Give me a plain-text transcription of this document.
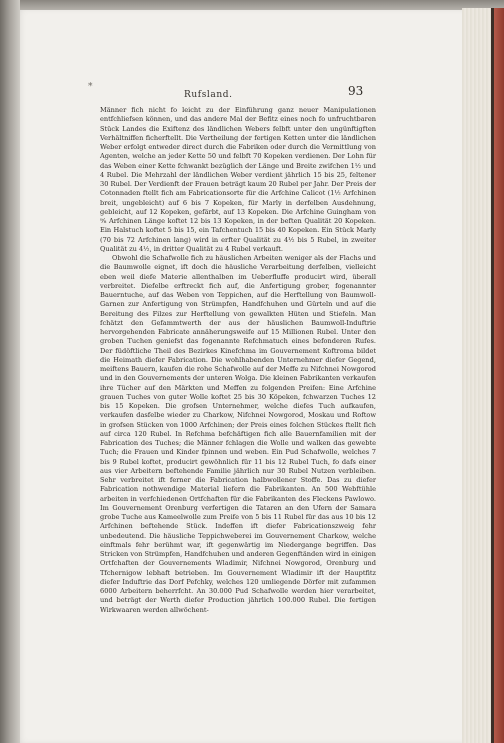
*
Rufsland.	93

Männer fich nicht fo leicht zu der Einführung ganz neuer Manipulationen entfchliefsen können, und das andere Mal der Befitz eines noch fo unfruchtbaren Stück Landes die Exiftenz des ländlichen Webers felbft unter den ungünftigften Verhältniffen ficherftellt. Die Vertheilung der fertigen Ketten unter die ländlichen Weber erfolgt entweder direct durch die Fabriken oder durch die Vermittlung von Agenten, welche an jeder Kette 50 und felbft 70 Kopeken verdienen. Der Lohn für das Weben einer Kette fchwankt bezüglich der Länge und Breite zwifchen 1½ und 4 Rubel. Die Mehrzahl der ländlichen Weber verdient jährlich 15 bis 25, feltener 30 Rubel. Der Verdienft der Frauen beträgt kaum 20 Rubel per Jahr. Der Preis der Cotonnaden ftellt fich am Fabricationsorte für die Arfchine Calicot (1½ Arfchinen breit, ungebleicht) auf 6 bis 7 Kopeken, für Marly in derfelben Ausdehnung, gebleicht, auf 12 Kopeken, gefärbt, auf 13 Kopeken. Die Arfchine Guingham von ⁹⁄₈ Arfchinen Länge koftet 12 bis 13 Kopeken, in der beften Qualität 20 Kopeken. Ein Halstuch koftet 5 bis 15, ein Tafchentuch 15 bis 40 Kopeken. Ein Stück Marly (70 bis 72 Arfchinen lang) wird in erfter Qualität zu 4½ bis 5 Rubel, in zweiter Qualität zu 4½, in dritter Qualität zu 4 Rubel verkauft.

Obwohl die Schafwolle fich zu häuslichen Arbeiten weniger als der Flachs und die Baumwolle eignet, ift doch die häusliche Verarbeitung derfelben, vielleicht eben weil diefe Materie allenthalben im Ueberfluffe producirt wird, überall verbreitet. Diefelbe erftreckt fich auf, die Anfertigung grober, fogenannter Bauerntuche, auf das Weben von Teppichen, auf die Herftellung von Baumwoll-Garnen zur Anfertigung von Strümpfen, Handfchuhen und Gürteln und auf die Bereitung des Filzes zur Herftellung von gewalkten Hüten und Stiefeln. Man fchätzt den Gefammtwerth der aus der häuslichen Baumwoll-Induftrie hervorgehenden Fabricate annäherungsweife auf 15 Millionen Rubel. Unter den groben Tuchen geniefst das fogenannte Refchmatuch eines befonderen Rufes. Der füdöftliche Theil des Bezirkes Kinefchma im Gouvernement Koftroma bildet die Heimath diefer Fabrication. Die wohlhabenden Unternehmer diefer Gegend, meiftens Bauern, kaufen die rohe Schafwolle auf der Meffe zu Nifchnei Nowgorod und in den Gouvernements der unteren Wolga. Die kleinen Fabrikanten verkaufen ihre Tücher auf den Märkten und Meffen zu folgenden Preifen: Eine Arfchine grauen Tuches von guter Wolle koftet 25 bis 30 Köpeken, fchwarzen Tuches 12 bis 15 Kopeken. Die grofsen Unternehmer, welche diefes Tuch aufkaufen, verkaufen dasfelbe wieder zu Charkow, Nifchnei Nowgorod, Moskau und Roftow in grofsen Stücken von 1000 Arfchinen; der Preis eines folchen Stückes ftellt fich auf circa 120 Rubel. In Refchma befchäftigen fich alle Bauernfamilien mit der Fabrication des Tuches; die Männer fchlagen die Wolle und walken das gewebte Tuch; die Frauen und Kinder fpinnen und weben. Ein Pud Schafwolle, welches 7 bis 9 Rubel koftet, producirt gewöhnlich für 11 bis 12 Rubel Tuch, fo dafs einer aus vier Arbeitern beftehende Familie jährlich nur 30 Rubel Nutzen verbleiben. Sehr verbreitet ift ferner die Fabrication halbwollener Stoffe. Das zu diefer Fabrication nothwendige Material liefern die Fabrikanten. An 500 Webftühle arbeiten in verfchiedenen Ortfchaften für die Fabrikanten des Fleckens Pawlowo. Im Gouvernement Orenburg verfertigen die Tataren an den Ufern der Samara grobe Tuche aus Kameelwolle zum Preife von 5 bis 11 Rubel für das aus 10 bis 12 Arfchinen beftehende Stück. Indeffen ift diefer Fabricationszweig fehr unbedeutend. Die häusliche Teppichweberei im Gouvernement Charkow, welche einftmals fehr berühmt war, ift gegenwärtig im Niedergange begriffen. Das Stricken von Strümpfen, Handfchuhen und anderen Gegenftänden wird in einigen Ortfchaften der Gouvernements Wladimir, Nifchnei Nowgorod, Orenburg und Tfchernigow lebhaft betrieben. Im Gouvernement Wladimir ift der Hauptfitz diefer Induftrie das Dorf Pefchky, welches 120 umliegende Dörfer mit zufammen 6000 Arbeitern beherrfcht. An 30.000 Pud Schafwolle werden hier verarbeitet, und beträgt der Werth diefer Production jährlich 100.000 Rubel. Die fertigen Wirkwaaren werden allwöchent-
